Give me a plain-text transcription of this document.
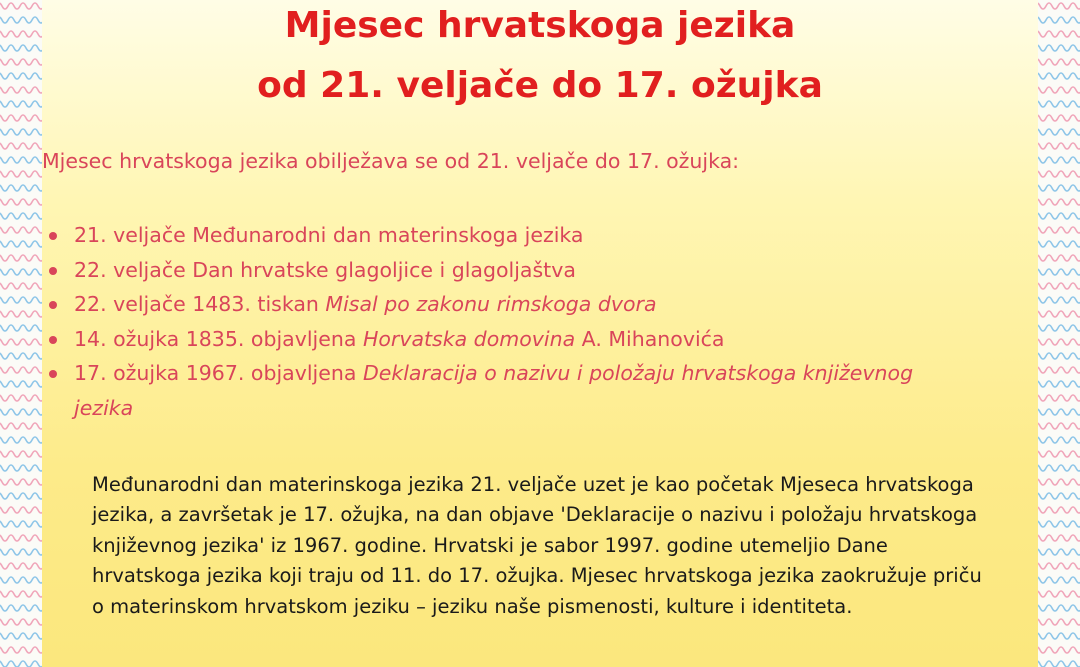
Mjesec hrvatskoga jezika
od 21. veljače do 17. ožujka
Mjesec hrvatskoga jezika obilježava se od 21. veljače do 17. ožujka:
21. veljače Međunarodni dan materinskoga jezika
22. veljače Dan hrvatske glagoljice i glagoljaštva
22. veljače 1483. tiskan Misal po zakonu rimskoga dvora
14. ožujka 1835. objavljena Horvatska domovina A. Mihanovića
17. ožujka 1967. objavljena Deklaracija o nazivu i položaju hrvatskoga književnog jezika
Međunarodni dan materinskoga jezika 21. veljače uzet je kao početak Mjeseca hrvatskoga jezika, a završetak je 17. ožujka, na dan objave 'Deklaracije o nazivu i položaju hrvatskoga književnog jezika' iz 1967. godine. Hrvatski je sabor 1997. godine utemeljio Dane hrvatskoga jezika koji traju od 11. do 17. ožujka. Mjesec hrvatskoga jezika zaokružuje priču o materinskom hrvatskom jeziku – jeziku naše pismenosti, kulture i identiteta.
